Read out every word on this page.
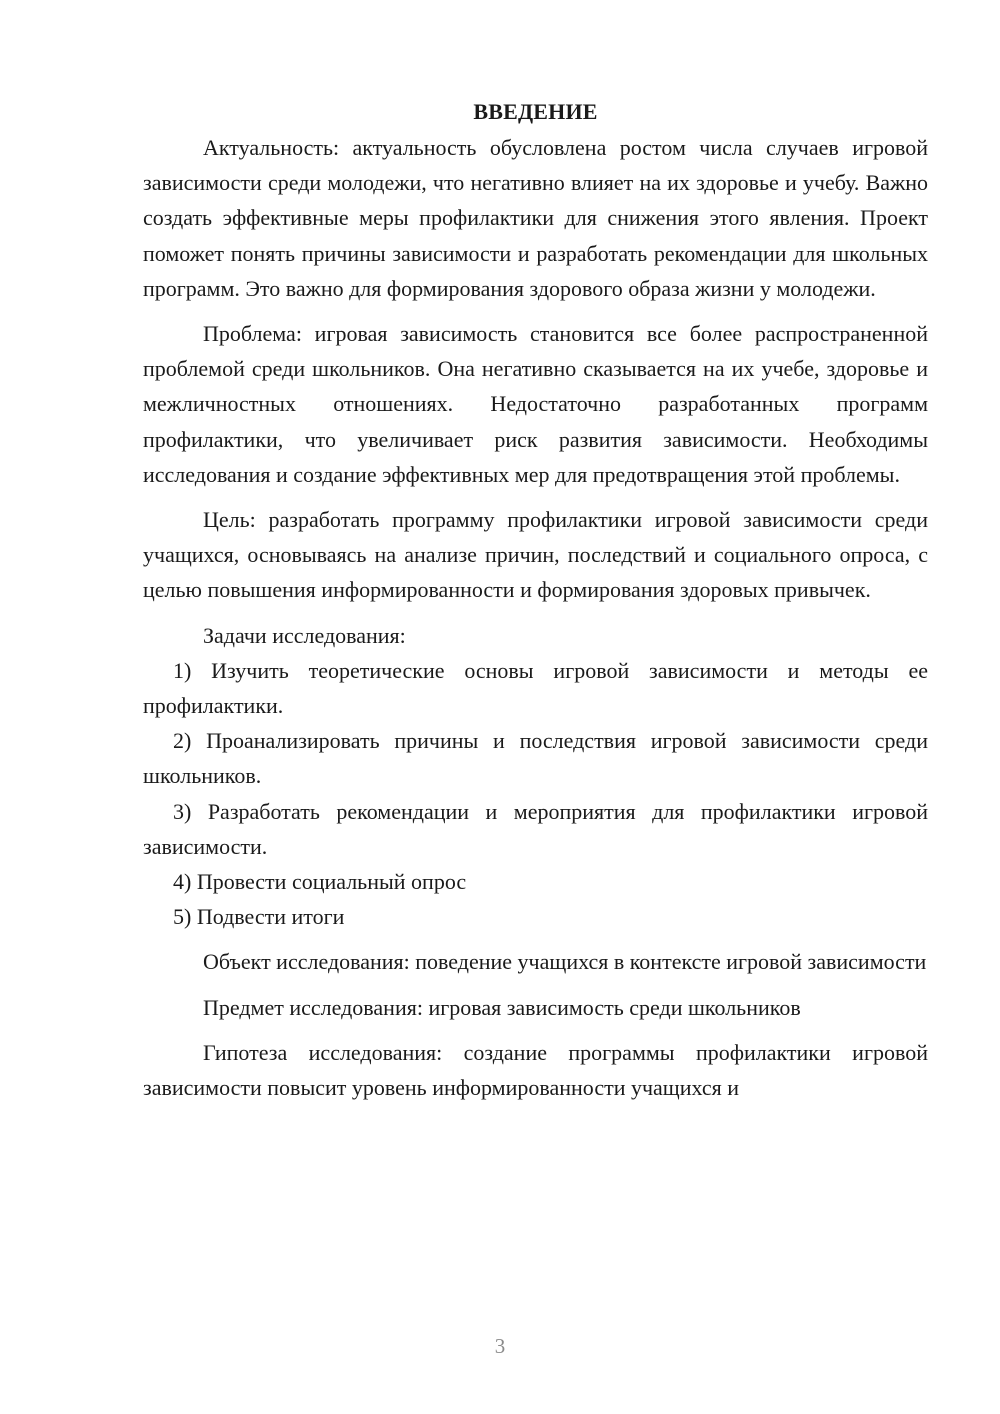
ВВЕДЕНИЕ

Актуальность: актуальность обусловлена ростом числа случаев игровой зависимости среди молодежи, что негативно влияет на их здоровье и учебу. Важно создать эффективные меры профилактики для снижения этого явления. Проект поможет понять причины зависимости и разработать рекомендации для школьных программ. Это важно для формирования здорового образа жизни у молодежи.

Проблема: игровая зависимость становится все более распространенной проблемой среди школьников. Она негативно сказывается на их учебе, здоровье и межличностных отношениях. Недостаточно разработанных программ профилактики, что увеличивает риск развития зависимости. Необходимы исследования и создание эффективных мер для предотвращения этой проблемы.

Цель: разработать программу профилактики игровой зависимости среди учащихся, основываясь на анализе причин, последствий и социального опроса, с целью повышения информированности и формирования здоровых привычек.

Задачи исследования:

1) Изучить теоретические основы игровой зависимости и методы ее профилактики.

2) Проанализировать причины и последствия игровой зависимости среди школьников.

3) Разработать рекомендации и мероприятия для профилактики игровой зависимости.

4) Провести социальный опрос

5) Подвести итоги

Объект исследования: поведение учащихся в контексте игровой зависимости

Предмет исследования: игровая зависимость среди школьников

Гипотеза исследования: создание программы профилактики игровой зависимости повысит уровень информированности учащихся и

3
